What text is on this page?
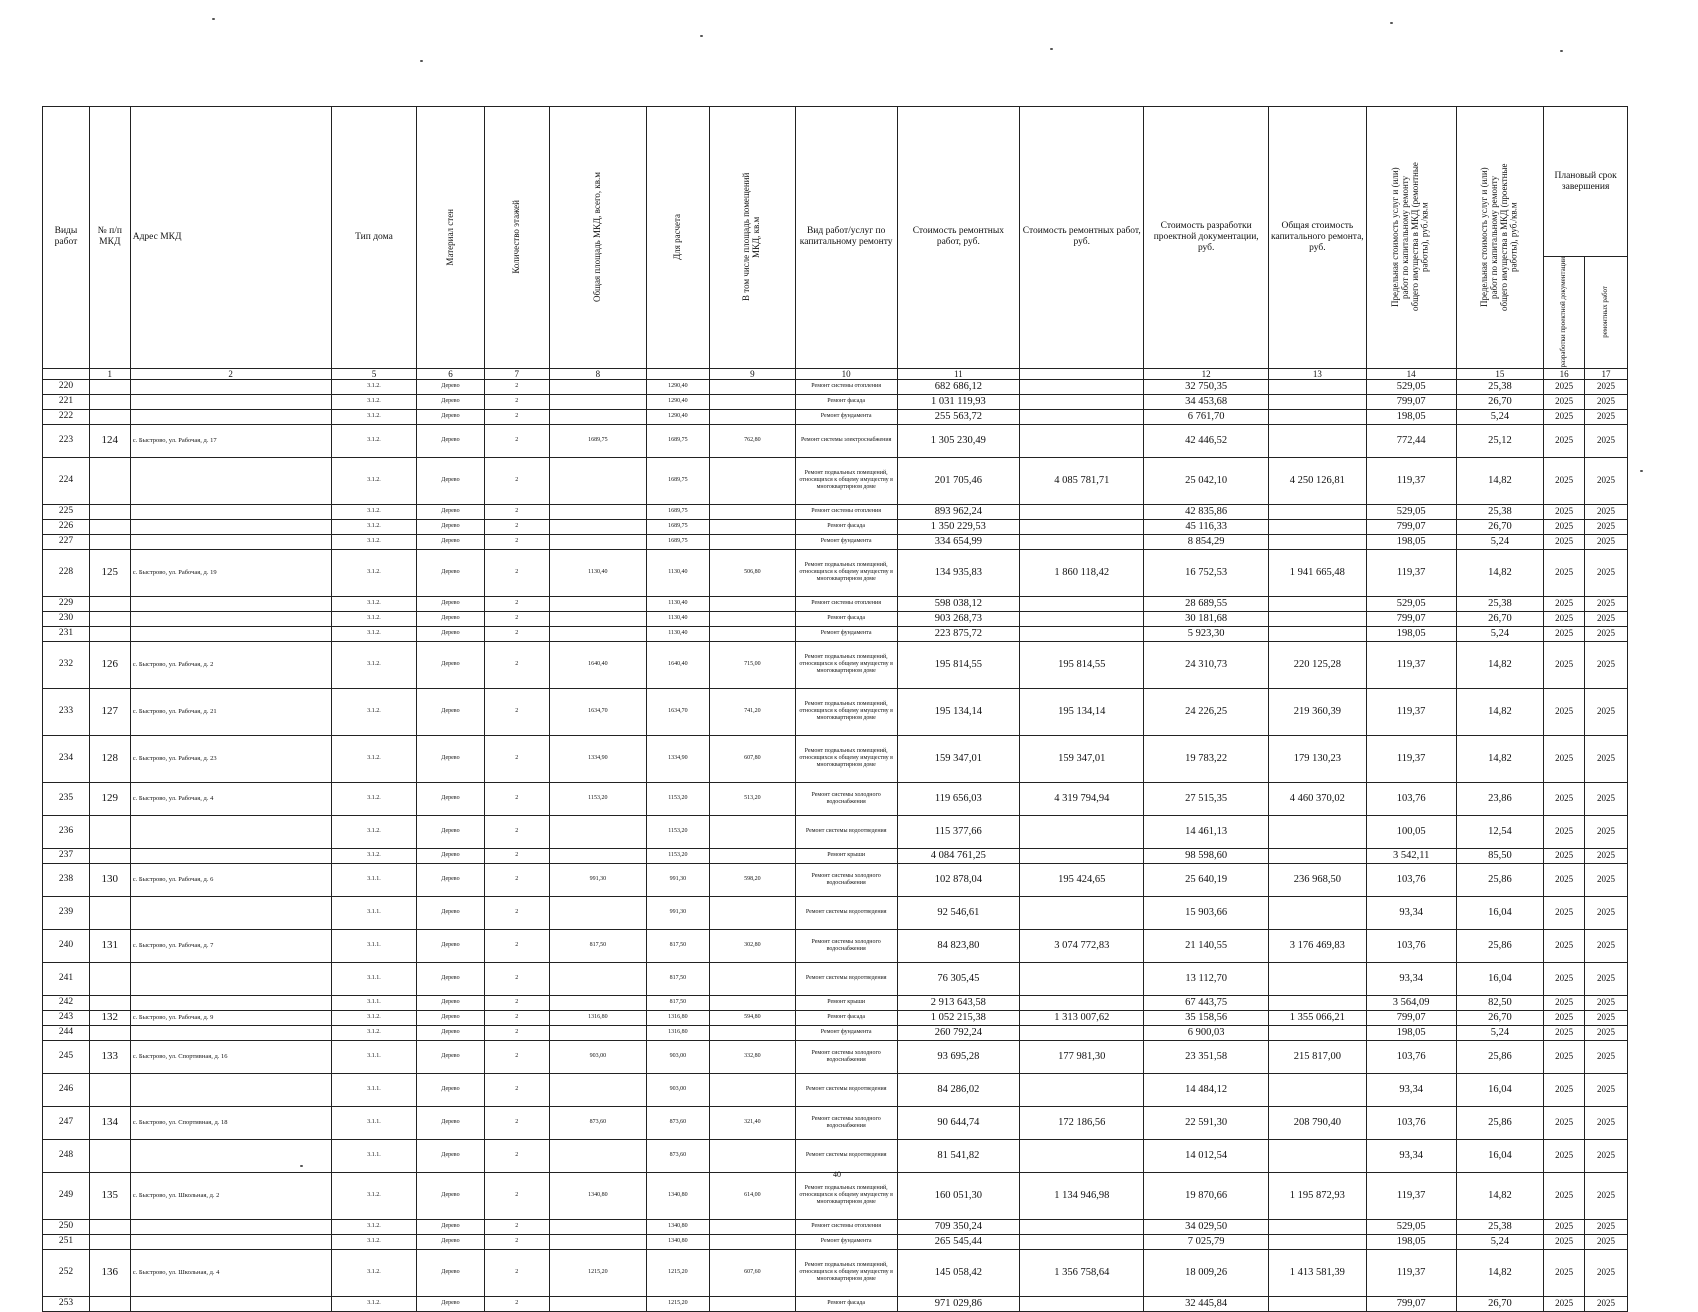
Виды работ	№ п/п МКД	Адрес МКД	Тип дома	Материал стен	Количество этажей	Общая площадь МКД, всего, кв.м	Для расчета	В том числе площадь помещений МКД, кв.м	Вид работ/услуг по капитальному ремонту	Стоимость ремонтных работ, руб.	Стоимость ремонтных работ, руб.	Стоимость разработки проектной документации, руб.	Общая стоимость капитального ремонта, руб.	Предельная стоимость услуг и (или) работ по капитальному ремонту общего имущества в МКД (ремонтные работы), руб./кв.м	Предельная стоимость услуг и (или) работ по капитальному ремонту общего имущества в МКД (проектные работы), руб./кв.м	Плановый срок завершения	

																разработки проектной документации	ремонтных работ

	1	2	5	6	7	8		9	10	11		12	13	14	15	16	17
220			3.1.2.	Дерево	2		1290,40		Ремонт системы отопления	682 686,12		32 750,35		529,05	25,38	2025	2025
221			3.1.2.	Дерево	2		1290,40		Ремонт фасада	1 031 119,93		34 453,68		799,07	26,70	2025	2025
222			3.1.2.	Дерево	2		1290,40		Ремонт фундамента	255 563,72		6 761,70		198,05	5,24	2025	2025
223	124	с. Быстрово, ул. Рабочая, д. 17	3.1.2.	Дерево	2	1689,75	1689,75	762,80	Ремонт системы электроснабжения	1 305 230,49		42 446,52		772,44	25,12	2025	2025
224			3.1.2.	Дерево	2		1689,75		Ремонт подвальных помещений, относящихся к общему имуществу в многоквартирном доме	201 705,46	4 085 781,71	25 042,10	4 250 126,81	119,37	14,82	2025	2025
225			3.1.2.	Дерево	2		1689,75		Ремонт системы отопления	893 962,24		42 835,86		529,05	25,38	2025	2025
226			3.1.2.	Дерево	2		1689,75		Ремонт фасада	1 350 229,53		45 116,33		799,07	26,70	2025	2025
227			3.1.2.	Дерево	2		1689,75		Ремонт фундамента	334 654,99		8 854,29		198,05	5,24	2025	2025
228	125	с. Быстрово, ул. Рабочая, д. 19	3.1.2.	Дерево	2	1130,40	1130,40	506,80	Ремонт подвальных помещений, относящихся к общему имуществу в многоквартирном доме	134 935,83	1 860 118,42	16 752,53	1 941 665,48	119,37	14,82	2025	2025
229			3.1.2.	Дерево	2		1130,40		Ремонт системы отопления	598 038,12		28 689,55		529,05	25,38	2025	2025
230			3.1.2.	Дерево	2		1130,40		Ремонт фасада	903 268,73		30 181,68		799,07	26,70	2025	2025
231			3.1.2.	Дерево	2		1130,40		Ремонт фундамента	223 875,72		5 923,30		198,05	5,24	2025	2025
232	126	с. Быстрово, ул. Рабочая, д. 2	3.1.2.	Дерево	2	1640,40	1640,40	715,00	Ремонт подвальных помещений, относящихся к общему имуществу в многоквартирном доме	195 814,55	195 814,55	24 310,73	220 125,28	119,37	14,82	2025	2025
233	127	с. Быстрово, ул. Рабочая, д. 21	3.1.2.	Дерево	2	1634,70	1634,70	741,20	Ремонт подвальных помещений, относящихся к общему имуществу в многоквартирном доме	195 134,14	195 134,14	24 226,25	219 360,39	119,37	14,82	2025	2025
234	128	с. Быстрово, ул. Рабочая, д. 23	3.1.2.	Дерево	2	1334,90	1334,90	607,80	Ремонт подвальных помещений, относящихся к общему имуществу в многоквартирном доме	159 347,01	159 347,01	19 783,22	179 130,23	119,37	14,82	2025	2025
235	129	с. Быстрово, ул. Рабочая, д. 4	3.1.2.	Дерево	2	1153,20	1153,20	513,20	Ремонт системы холодного водоснабжения	119 656,03	4 319 794,94	27 515,35	4 460 370,02	103,76	23,86	2025	2025
236			3.1.2.	Дерево	2		1153,20		Ремонт системы водоотведения	115 377,66		14 461,13		100,05	12,54	2025	2025
237			3.1.2.	Дерево	2		1153,20		Ремонт крыши	4 084 761,25		98 598,60		3 542,11	85,50	2025	2025
238	130	с. Быстрово, ул. Рабочая, д. 6	3.1.1.	Дерево	2	991,30	991,30	598,20	Ремонт системы холодного водоснабжения	102 878,04	195 424,65	25 640,19	236 968,50	103,76	25,86	2025	2025
239			3.1.1.	Дерево	2		991,30		Ремонт системы водоотведения	92 546,61		15 903,66		93,34	16,04	2025	2025
240	131	с. Быстрово, ул. Рабочая, д. 7	3.1.1.	Дерево	2	817,50	817,50	302,80	Ремонт системы холодного водоснабжения	84 823,80	3 074 772,83	21 140,55	3 176 469,83	103,76	25,86	2025	2025
241			3.1.1.	Дерево	2		817,50		Ремонт системы водоотведения	76 305,45		13 112,70		93,34	16,04	2025	2025
242			3.1.1.	Дерево	2		817,50		Ремонт крыши	2 913 643,58		67 443,75		3 564,09	82,50	2025	2025
243	132	с. Быстрово, ул. Рабочая, д. 9	3.1.2.	Дерево	2	1316,80	1316,80	594,80	Ремонт фасада	1 052 215,38	1 313 007,62	35 158,56	1 355 066,21	799,07	26,70	2025	2025
244			3.1.2.	Дерево	2		1316,80		Ремонт фундамента	260 792,24		6 900,03		198,05	5,24	2025	2025
245	133	с. Быстрово, ул. Спортивная, д. 16	3.1.1.	Дерево	2	903,00	903,00	332,80	Ремонт системы холодного водоснабжения	93 695,28	177 981,30	23 351,58	215 817,00	103,76	25,86	2025	2025
246			3.1.1.	Дерево	2		903,00		Ремонт системы водоотведения	84 286,02		14 484,12		93,34	16,04	2025	2025
247	134	с. Быстрово, ул. Спортивная, д. 18	3.1.1.	Дерево	2	873,60	873,60	321,40	Ремонт системы холодного водоснабжения	90 644,74	172 186,56	22 591,30	208 790,40	103,76	25,86	2025	2025
248			3.1.1.	Дерево	2		873,60		Ремонт системы водоотведения	81 541,82		14 012,54		93,34	16,04	2025	2025
249	135	с. Быстрово, ул. Школьная, д. 2	3.1.2.	Дерево	2	1340,80	1340,80	614,00	Ремонт подвальных помещений, относящихся к общему имуществу в многоквартирном доме	160 051,30	1 134 946,98	19 870,66	1 195 872,93	119,37	14,82	2025	2025
250			3.1.2.	Дерево	2		1340,80		Ремонт системы отопления	709 350,24		34 029,50		529,05	25,38	2025	2025
251			3.1.2.	Дерево	2		1340,80		Ремонт фундамента	265 545,44		7 025,79		198,05	5,24	2025	2025
252	136	с. Быстрово, ул. Школьная, д. 4	3.1.2.	Дерево	2	1215,20	1215,20	607,60	Ремонт подвальных помещений, относящихся к общему имуществу в многоквартирном доме	145 058,42	1 356 758,64	18 009,26	1 413 581,39	119,37	14,82	2025	2025
253			3.1.2.	Дерево	2		1215,20		Ремонт фасада	971 029,86		32 445,84		799,07	26,70	2025	2025
40
